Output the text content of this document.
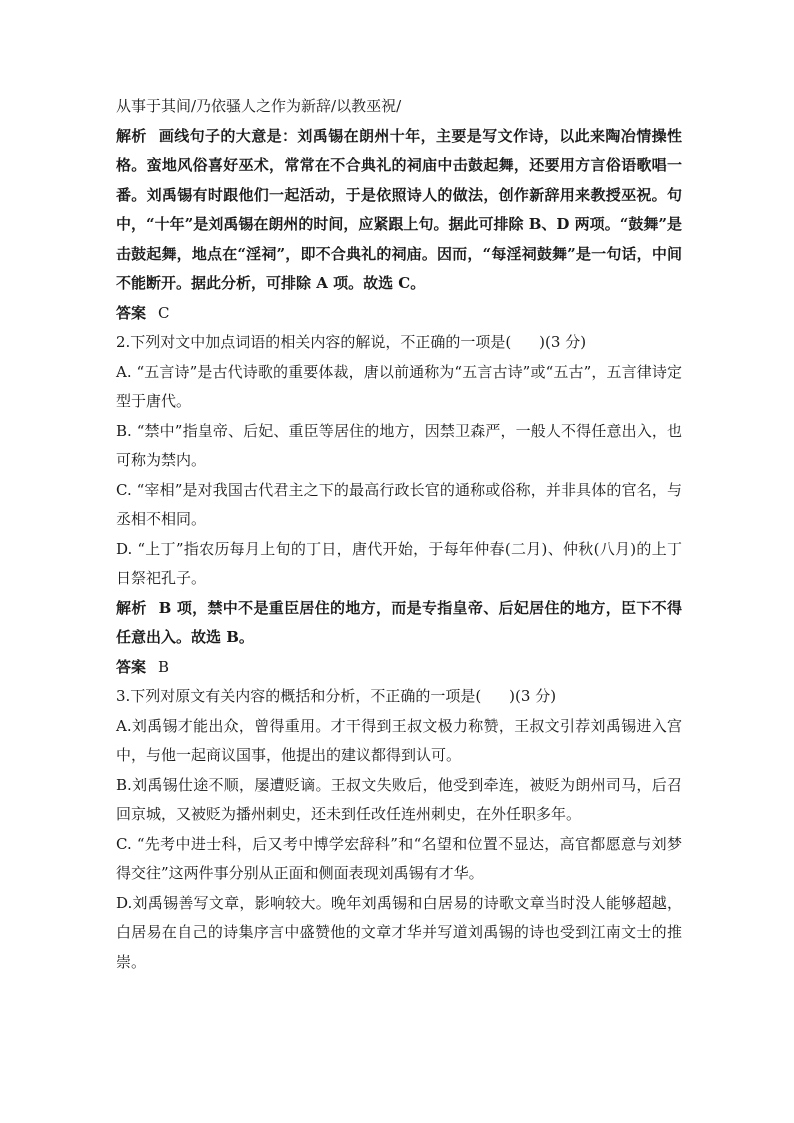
从事于其间/乃依骚人之作为新辞/以教巫祝/

解析 画线句子的大意是：刘禹锡在朗州十年，主要是写文作诗，以此来陶冶情操性格。蛮地风俗喜好巫术，常常在不合典礼的祠庙中击鼓起舞，还要用方言俗语歌唱一番。刘禹锡有时跟他们一起活动，于是依照诗人的做法，创作新辞用来教授巫祝。句中，“十年”是刘禹锡在朗州的时间，应紧跟上句。据此可排除 B、D 两项。“鼓舞”是击鼓起舞，地点在“淫祠”，即不合典礼的祠庙。因而，“每淫祠鼓舞”是一句话，中间不能断开。据此分析，可排除 A 项。故选 C。

答案 C

2.下列对文中加点词语的相关内容的解说，不正确的一项是( )(3 分)

A. “五言诗”是古代诗歌的重要体裁，唐以前通称为“五言古诗”或“五古”，五言律诗定型于唐代。

B. “禁中”指皇帝、后妃、重臣等居住的地方，因禁卫森严，一般人不得任意出入，也可称为禁内。

C. “宰相”是对我国古代君主之下的最高行政长官的通称或俗称，并非具体的官名，与丞相不相同。

D. “上丁”指农历每月上旬的丁日，唐代开始，于每年仲春(二月)、仲秋(八月)的上丁日祭祀孔子。

解析 B 项，禁中不是重臣居住的地方，而是专指皇帝、后妃居住的地方，臣下不得任意出入。故选 B。

答案 B

3.下列对原文有关内容的概括和分析，不正确的一项是( )(3 分)

A.刘禹锡才能出众，曾得重用。才干得到王叔文极力称赞，王叔文引荐刘禹锡进入宫中，与他一起商议国事，他提出的建议都得到认可。

B.刘禹锡仕途不顺，屡遭贬谪。王叔文失败后，他受到牵连，被贬为朗州司马，后召回京城，又被贬为播州刺史，还未到任改任连州刺史，在外任职多年。

C. “先考中进士科，后又考中博学宏辞科”和“名望和位置不显达，高官都愿意与刘梦得交往”这两件事分别从正面和侧面表现刘禹锡有才华。

D.刘禹锡善写文章，影响较大。晚年刘禹锡和白居易的诗歌文章当时没人能够超越，白居易在自己的诗集序言中盛赞他的文章才华并写道刘禹锡的诗也受到江南文士的推崇。
